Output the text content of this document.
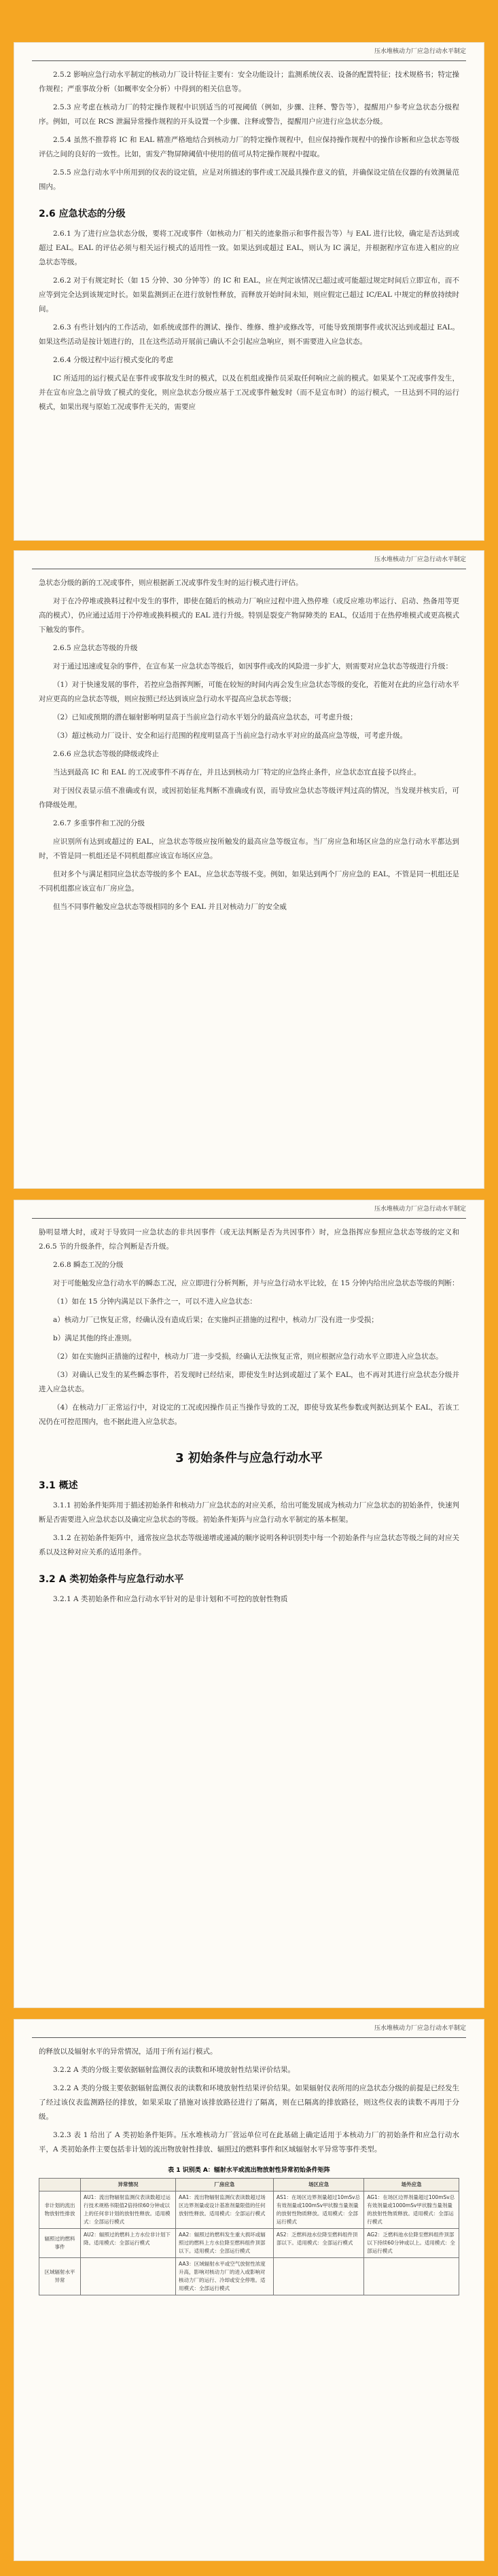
压水堆核动力厂应急行动水平制定

2.5.2 影响应急行动水平制定的核动力厂设计特征主要有：安全功能设计；监测系统仪表、设备的配置特征；技术规格书；特定操作规程；严重事故分析（如概率安全分析）中得到的相关信息等。

2.5.3 应考虑在核动力厂的特定操作规程中识别适当的可视阈值（例如，步骤、注释、警告等），提醒用户参考应急状态分级程序。例如，可以在 RCS 泄漏异常操作规程的开头设置一个步骤、注释或警告，提醒用户应进行应急状态分级。

2.5.4 虽然不推荐将 IC 和 EAL 精准严格地结合到核动力厂的特定操作规程中，但应保持操作规程中的操作诊断和应急状态等级评估之间的良好的一致性。比如，需发产物屏障阈值中使用的值可从特定操作规程中提取。

2.5.5 应急行动水平中所用到的仪表的设定值，应是对所描述的事件或工况最具操作意义的值，并确保设定值在仪器的有效测量范围内。

2.6 应急状态的分级

2.6.1 为了进行应急状态分级，要将工况或事件（如核动力厂相关的迹象指示和事件报告等）与 EAL 进行比较，确定是否达到或超过 EAL。EAL 的评估必须与相关运行模式的适用性一致。如果达到或超过 EAL，则认为 IC 满足，并根据程序宣布进入相应的应急状态等级。

2.6.2 对于有规定时长（如 15 分钟、30 分钟等）的 IC 和 EAL，应在判定该情况已超过或可能超过规定时间后立即宣布，而不应等到完全达到该规定时长。如果监测到正在进行放射性释放，而释放开始时间未知，则应假定已超过 IC/EAL 中规定的释放持续时间。

2.6.3 有些计划内的工作活动，如系统或部件的测试、操作、维修、维护或修改等，可能导致预期事件或状况达到或超过 EAL。如果这些活动是按计划进行的，且在这些活动开展前已确认不会引起应急响应，则不需要进入应急状态。

2.6.4 分级过程中运行模式变化的考虑

IC 所适用的运行模式是在事件或事故发生时的模式，以及在机组或操作员采取任何响应之前的模式。如果某个工况或事件发生，并在宣布应急之前导致了模式的变化，则应急状态分级应基于工况或事件触发时（而不是宣布时）的运行模式，一旦达到不同的运行模式，如果出现与原始工况或事件无关的，需要应

压水堆核动力厂应急行动水平制定

急状态分级的新的工况或事件，则应根据新工况或事件发生时的运行模式进行评估。

对于在冷停堆或换料过程中发生的事件，即使在随后的核动力厂响应过程中进入热停堆（或反应堆功率运行、启动、热备用等更高的模式），仍应通过适用于冷停堆或换料模式的 EAL 进行升级。特别是裂变产物屏障类的 EAL，仅适用于在热停堆模式或更高模式下触发的事件。

2.6.5 应急状态等级的升级

对于通过迅速或复杂的事件，在宣布某一应急状态等级后，如因事件或改的风险进一步扩大，则需要对应急状态等级进行升级：

（1）对于快速发展的事件，若控应急指挥判断，可能在较短的时间内再会发生应急状态等级的变化，若能对在此的应急行动水平对应更高的应急状态等级，则应按照已经达到该应急行动水平提高应急状态等级；

（2）已知或预期的潜在辐射影响明显高于当前应急行动水平划分的最高应急状态，可考虑升级；

（3）超过核动力厂设计、安全和运行范围的程度明显高于当前应急行动水平对应的最高应急等级，可考虑升级。

2.6.6 应急状态等级的降级或终止

当达到最高 IC 和 EAL 的工况或事件不再存在，并且达到核动力厂特定的应急终止条件，应急状态宜直接予以终止。

对于因仪表显示值不准确或有误，或因初始征兆判断不准确或有误，而导致应急状态等级评判过高的情况，当发现并核实后，可作降级处理。

2.6.7 多重事件和工况的分级

应识别所有达到或超过的 EAL，应急状态等级应按所触发的最高应急等级宣布。当厂房应急和场区应急的应急行动水平都达到时，不管是同一机组还是不同机组都应该宣布场区应急。

但对多个与满足相同应急状态等级的多个 EAL，应急状态等级不变。例如，如果达到两个厂房应急的 EAL，不管是同一机组还是不同机组都应该宣布厂房应急。

但当不同事件触发应急状态等级相同的多个 EAL 并且对核动力厂的安全威

压水堆核动力厂应急行动水平制定

胁明显增大时，或对于导致同一应急状态的非共因事件（或无法判断是否为共因事件）时，应急指挥应参照应急状态等级的定义和 2.6.5 节的升级条件，综合判断是否升级。

2.6.8 瞬态工况的分级

对于可能触发应急行动水平的瞬态工况，应立即进行分析判断，并与应急行动水平比较，在 15 分钟内给出应急状态等级的判断：

（1）如在 15 分钟内满足以下条件之一，可以不进入应急状态：

a）核动力厂已恢复正常，经确认没有造成后果；在实施纠正措施的过程中，核动力厂没有进一步受损；

b）满足其他的终止准则。

（2）如在实施纠正措施的过程中，核动力厂进一步受损，经确认无法恢复正常，则应根据应急行动水平立即进入应急状态。

（3）对确认已发生的某些瞬态事件，若发现时已经结束，即使发生时达到或超过了某个 EAL，也不再对其进行应急状态分级并进入应急状态。

（4）在核动力厂正常运行中，对设定的工况或因操作员正当操作导致的工况，即使导致某些参数或判据达到某个 EAL，若该工况仍在可控范围内，也不据此进入应急状态。

3 初始条件与应急行动水平
3.1 概述

3.1.1 初始条件矩阵用于描述初始条件和核动力厂应急状态的对应关系，给出可能发展成为核动力厂应急状态的初始条件，快速判断是否需要进入应急状态以及确定应急状态的等级。初始条件矩阵与应急行动水平制定的基本框架。

3.1.2 在初始条件矩阵中，通常按应急状态等级递增或递减的顺序说明各种识别类中每一个初始条件与应急状态等级之间的对应关系以及这种对应关系的适用条件。

3.2 A 类初始条件与应急行动水平

3.2.1 A 类初始条件和应急行动水平针对的是非计划和不可控的放射性物质

压水堆核动力厂应急行动水平制定

的释放以及辐射水平的异常情况，适用于所有运行模式。

3.2.2 A 类的分级主要依据辐射监测仪表的读数和环境放射性结果评价结果。

3.2.2 A 类的分级主要依据辐射监测仪表的读数和环境放射性结果评价结果。如果辐射仪表所用的应急状态分级的前提是已经发生了经过该仪表监测路径的排放，如果采取了措施对该排放路径进行了隔离，则在已隔离的排放路径，则这些仪表的读数不再用于分级。

3.2.3 表 1 给出了 A 类初始条件矩阵。压水堆核动力厂营运单位可在此基础上确定适用于本核动力厂的初始条件和应急行动水平，A 类初始条件主要包括非计划的流出物放射性排放、辐照过的燃料事件和区域辐射水平异常等事件类型。

表 1 识别类 A：辐射水平或流出物放射性异常初始条件矩阵
	异常情况	厂房应急	场区应急	场外应急
非计划的流出物放射性排放	AU1：流出物辐射监测仪表读数超过运行技术规格书限值2倍持续60分钟或以上的任何非计划的放射性释放。适用模式：全部运行模式	AA1：流出物辐射监测仪表读数超过场区边界剂量或设计基准剂量限值的任何放射性释放。适用模式：全部运行模式	AS1：在场区边界剂量超过10mSv总有效剂量或100mSv甲状腺当量剂量的放射性物质释放。适用模式：全部运行模式	AG1：在场区边界剂量超过100mSv总有效剂量或1000mSv甲状腺当量剂量的放射性物质释放。适用模式：全部运行模式
辐照过的燃料事件	AU2：辐照过的燃料上方水位非计划下降。适用模式：全部运行模式	AA2：辐照过的燃料发生重大损坏或辐照过的燃料上方水位降至燃料组件顶部以下。适用模式：全部运行模式	AS2：乏燃料池水位降至燃料组件顶部以下。适用模式：全部运行模式	AG2：乏燃料池水位降至燃料组件顶部以下持续60分钟或以上。适用模式：全部运行模式
区域辐射水平异常		AA3：区域辐射水平或空气放射性浓度升高，影响对核动力厂的进入或影响对核动力厂的运行、冷却或安全停堆。适用模式：全部运行模式		
